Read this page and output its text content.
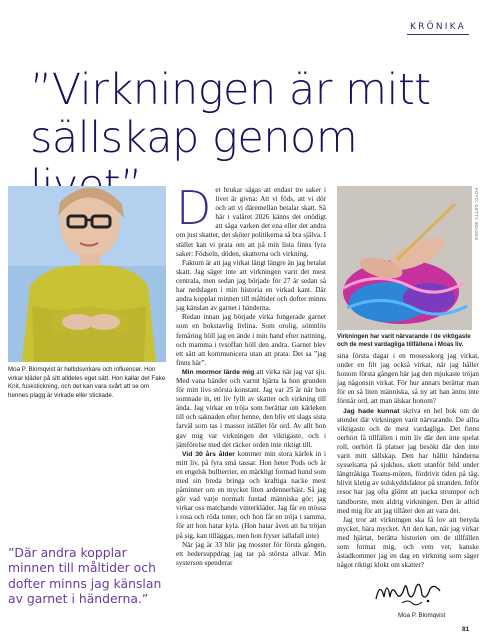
KRÖNIKA
”Virkningen är mitt sällskap genom

Moa P. Blomqvist är heltidsvirkare och influencer. Hon virkar kläder på sitt alldeles eget sätt. Hon kallar det Fake Knit, fuskstickning, och det kan vara svårt att se om hennes plagg är virkade eller stickade.

”Där andra kopplar minnen till måltider och dofter minns jag känslan av garnet i händerna.”

Det brukar sägas att endast tre saker i livet är givna: Att vi föds, att vi dör och att vi däremellan betalar skatt. Så här i valåret 2026 känns det onödigt att säga varken det ena eller det andra om just skatter, det sköter politikerna så bra själva. I stället kan vi prata om att på min lista finns fyra saker: Födseln, döden, skatterna och virkning.

Faktum är att jag virkat längt längre än jag betalat skatt. Jag säger inte att virkningen varit det mest centrala, men sedan jag började för 27 år sedan så har nedslagen i min historia en virkad kant. Där andra kopplar minnen till måltider och dofter minns jag känslan av garnet i händerna.

Redan innan jag började virka fungerade garnet som en bokstavlig livlina. Som orolig, sömnlös femåring höll jag en ände i min hand efter nattning, och mamma i tvsoffan höll den andra. Garnet blev ett sätt att kommunicera utan att prata. Det sa ”jag finns här”.

Min mormor lärde mig att virka när jag var sju. Med vana händer och varmt hjärta la hon grunden för mitt livs största konstant. Jag var 25 år när hon somnade in, ett liv fyllt av skatter och virkning till ända. Jag virkar en tröja som berättar om kärleken till och saknaden efter henne, den bliv ett slags sista farväl som tas i massor istället för ord. Av allt hon gav mig var virkningen det viktigaste, och i jämförelse med det räcker orden inte riktigt till.

Vid 30 års ålder kommer min stora kärlek in i mitt liv, på fyra små tassar. Hon heter Pods och är en engelsk bullterrier, en märkligt formad hund som med sin breda bringa och kraftiga nacke mest påminner om en mycket liten ardennerhäst. Så jag gör vad varje normalt funtad människa gör; jag virkar oss matchande vinterkläder. Jag får en mössa i rosa och röda toner, och hon får en tröja i samma, för att hon hatar kyla. (Hon hatar även att ha tröjan på sig, kan tilläggas, men hon fryser iallafall inte)

När jag är 33 blir jag mosster för första gången, ett hedersuppdrag jag tar på största allvar. Min systerson spenderar

FOTO: GETTY IMAGES

Virkningen har varit närvarande i de viktigaste och de mest vardagliga tillfällena i Moas liv.

sina första dagar i en mosesskorg jag virkat, under en filt jag också virkat, när jag håller honom första gången bär jag den mjukaste tröjan jag någonsin virkat. För hur annars berättar man för en så liten människa, så ny att han ännu inte förstår ord, att man älskar honom?

Jag hade kunnat skriva en hel bok om de stunder där virkningen varit närvarande. De allra viktigaste och de mest vardagliga. Det finns oerhört få tillfällen i mitt liv där den inte spelat roll, oerhört få platser jag besökt där den inte varit mitt sällskap. Den har hållit händerna sysselsatta på sjukhus, skett utanför bild under långtråkiga Teams-möten, fördrivit tiden på tåg, blivit kletig av solskyddsfaktor på stranden. Inför resor har jag ofta glömt att packa strumpor och tandborste, men aldrig virkningen. Den är alltid med mig för att jag tillåter den att vara det.

Jag tror att virkningen ska få lov att betyda mycket, bära mycket. Att den kan, när jag virkar med hjärtat, berätta historien om de tillfällen som format mig, och vem vet, kanske åstadkommer jag en dag en virkning som säger något riktigt klokt om skatter?

Moa P. Blomqvist
81
